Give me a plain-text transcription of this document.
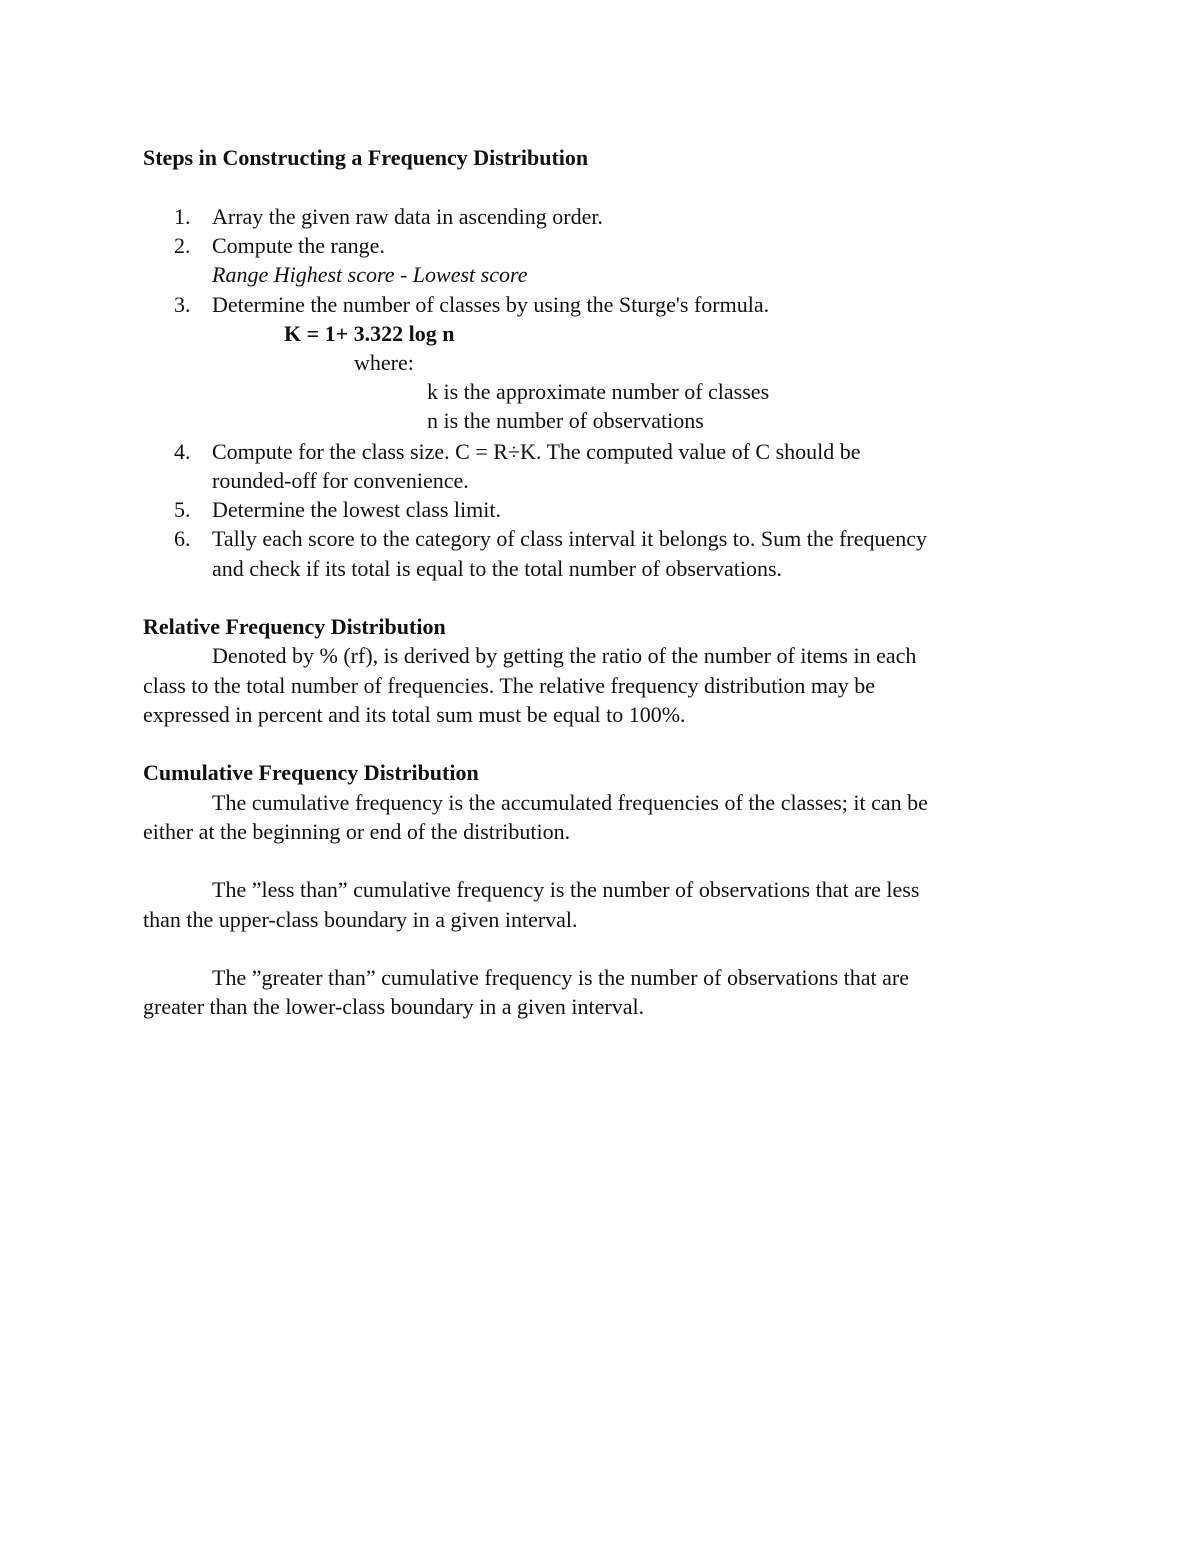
Steps in Constructing a Frequency Distribution
1. Array the given raw data in ascending order.
2. Compute the range.
Range Highest score - Lowest score
3. Determine the number of classes by using the Sturge's formula.
K = 1+ 3.322 log n
where:
k is the approximate number of classes
n is the number of observations
4. Compute for the class size. C = R÷K. The computed value of C should be
rounded-off for convenience.
5. Determine the lowest class limit.
6. Tally each score to the category of class interval it belongs to. Sum the frequency
and check if its total is equal to the total number of observations.
Relative Frequency Distribution
Denoted by % (rf), is derived by getting the ratio of the number of items in each
class to the total number of frequencies. The relative frequency distribution may be
expressed in percent and its total sum must be equal to 100%.
Cumulative Frequency Distribution
The cumulative frequency is the accumulated frequencies of the classes; it can be
either at the beginning or end of the distribution.
The ”less than” cumulative frequency is the number of observations that are less
than the upper-class boundary in a given interval.
The ”greater than” cumulative frequency is the number of observations that are
greater than the lower-class boundary in a given interval.
